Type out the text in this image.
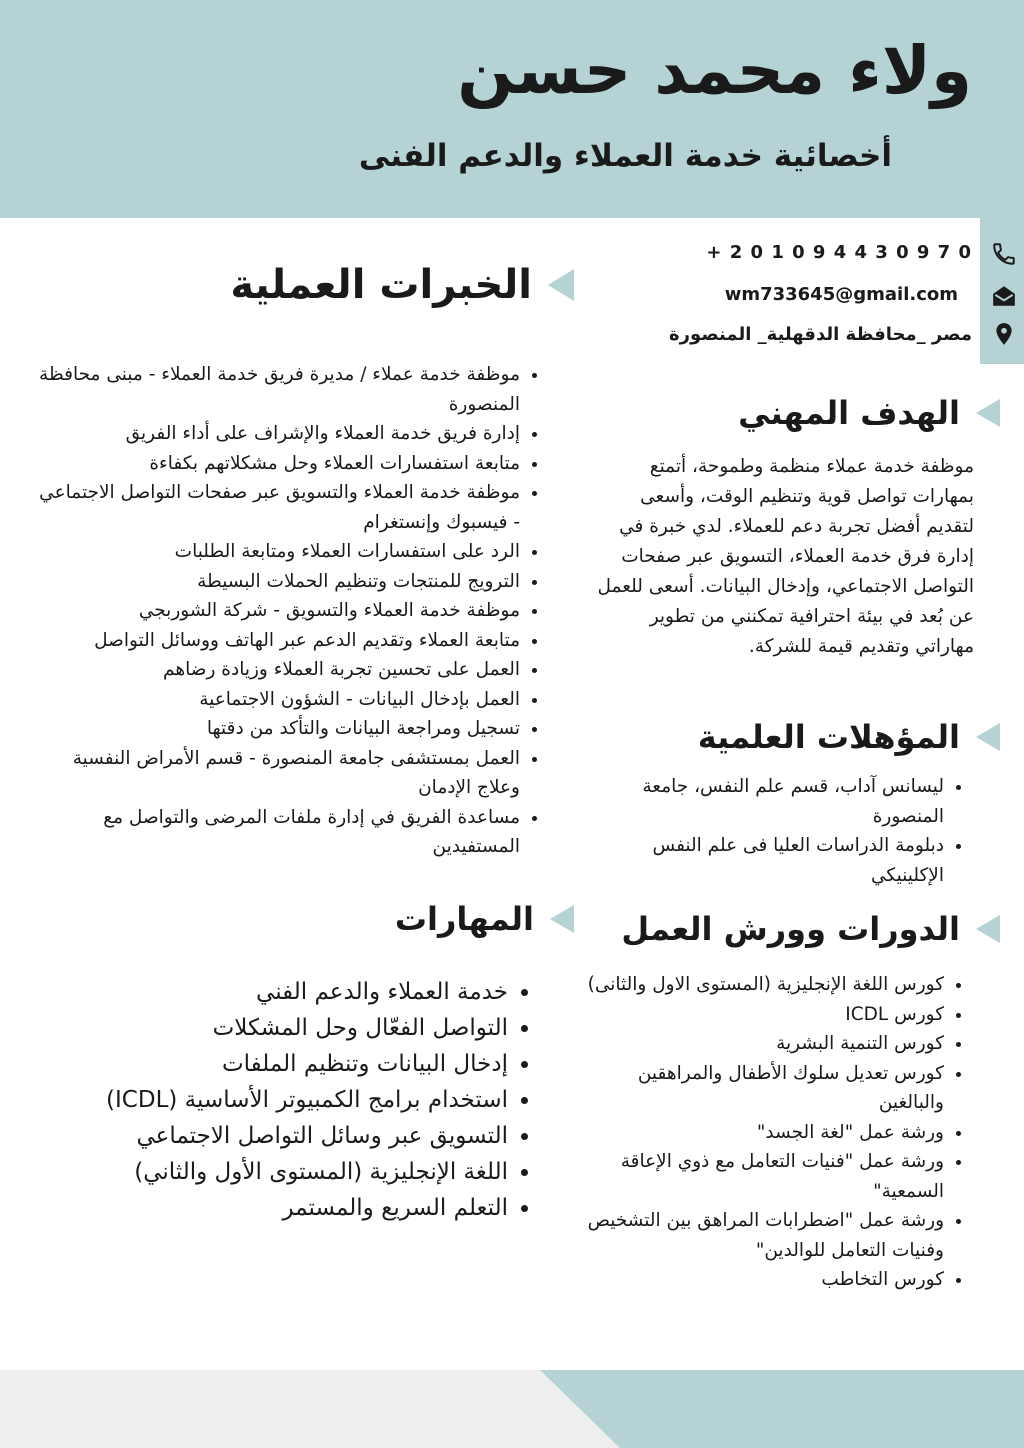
ولاء محمد حسن
أخصائية خدمة العملاء والدعم الفنى
+ 2 0 1 0 9 4 4 3 0 9 7 0
wm733645@gmail.com
مصر _محافظة الدقهلية_ المنصورة
الهدف المهني

موظفة خدمة عملاء منظمة وطموحة، أتمتع بمهارات تواصل قوية وتنظيم الوقت، وأسعى لتقديم أفضل تجربة دعم للعملاء. لدي خبرة في إدارة فرق خدمة العملاء، التسويق عبر صفحات التواصل الاجتماعي، وإدخال البيانات. أسعى للعمل عن بُعد في بيئة احترافية تمكنني من تطوير مهاراتي وتقديم قيمة للشركة.

المؤهلات العلمية
• ليسانس آداب، قسم علم النفس، جامعة المنصورة
• دبلومة الدراسات العليا فى علم النفس الإكلينيكي
الدورات وورش العمل
• كورس اللغة الإنجليزية (المستوى الاول والثانى)
• كورس ICDL
• كورس التنمية البشرية
• كورس تعديل سلوك الأطفال والمراهقين والبالغين
• ورشة عمل "لغة الجسد"
• ورشة عمل "فنيات التعامل مع ذوي الإعاقة السمعية"
• ورشة عمل "اضطرابات المراهق بين التشخيص وفنيات التعامل للوالدين"
• كورس التخاطب
الخبرات العملية
• موظفة خدمة عملاء / مديرة فريق خدمة العملاء - مبنى محافظة المنصورة
• إدارة فريق خدمة العملاء والإشراف على أداء الفريق
• متابعة استفسارات العملاء وحل مشكلاتهم بكفاءة
• موظفة خدمة العملاء والتسويق عبر صفحات التواصل الاجتماعي - فيسبوك وإنستغرام
• الرد على استفسارات العملاء ومتابعة الطلبات
• الترويج للمنتجات وتنظيم الحملات البسيطة
• موظفة خدمة العملاء والتسويق - شركة الشوربجي
• متابعة العملاء وتقديم الدعم عبر الهاتف ووسائل التواصل
• العمل على تحسين تجربة العملاء وزيادة رضاهم
• العمل بإدخال البيانات - الشؤون الاجتماعية
• تسجيل ومراجعة البيانات والتأكد من دقتها
• العمل بمستشفى جامعة المنصورة - قسم الأمراض النفسية وعلاج الإدمان
• مساعدة الفريق في إدارة ملفات المرضى والتواصل مع المستفيدين
المهارات
• خدمة العملاء والدعم الفني
• التواصل الفعّال وحل المشكلات
• إدخال البيانات وتنظيم الملفات
• استخدام برامج الكمبيوتر الأساسية (ICDL)
• التسويق عبر وسائل التواصل الاجتماعي
• اللغة الإنجليزية (المستوى الأول والثاني)
• التعلم السريع والمستمر
